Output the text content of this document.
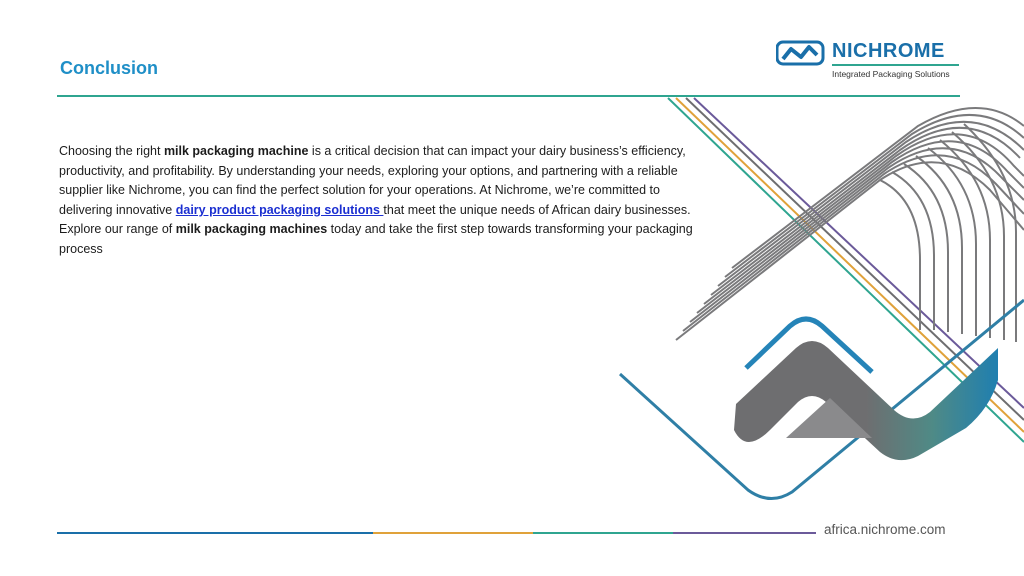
Conclusion
NICHROME
Integrated Packaging Solutions
Choosing the right milk packaging machine is a critical decision that can impact your dairy business’s efficiency, productivity, and profitability. By understanding your needs, exploring your options, and partnering with a reliable supplier like Nichrome, you can find the perfect solution for your operations. At Nichrome, we’re committed to delivering innovative dairy product packaging solutions that meet the unique needs of African dairy businesses. Explore our range of milk packaging machines today and take the first step towards transforming your packaging process
africa.nichrome.com
